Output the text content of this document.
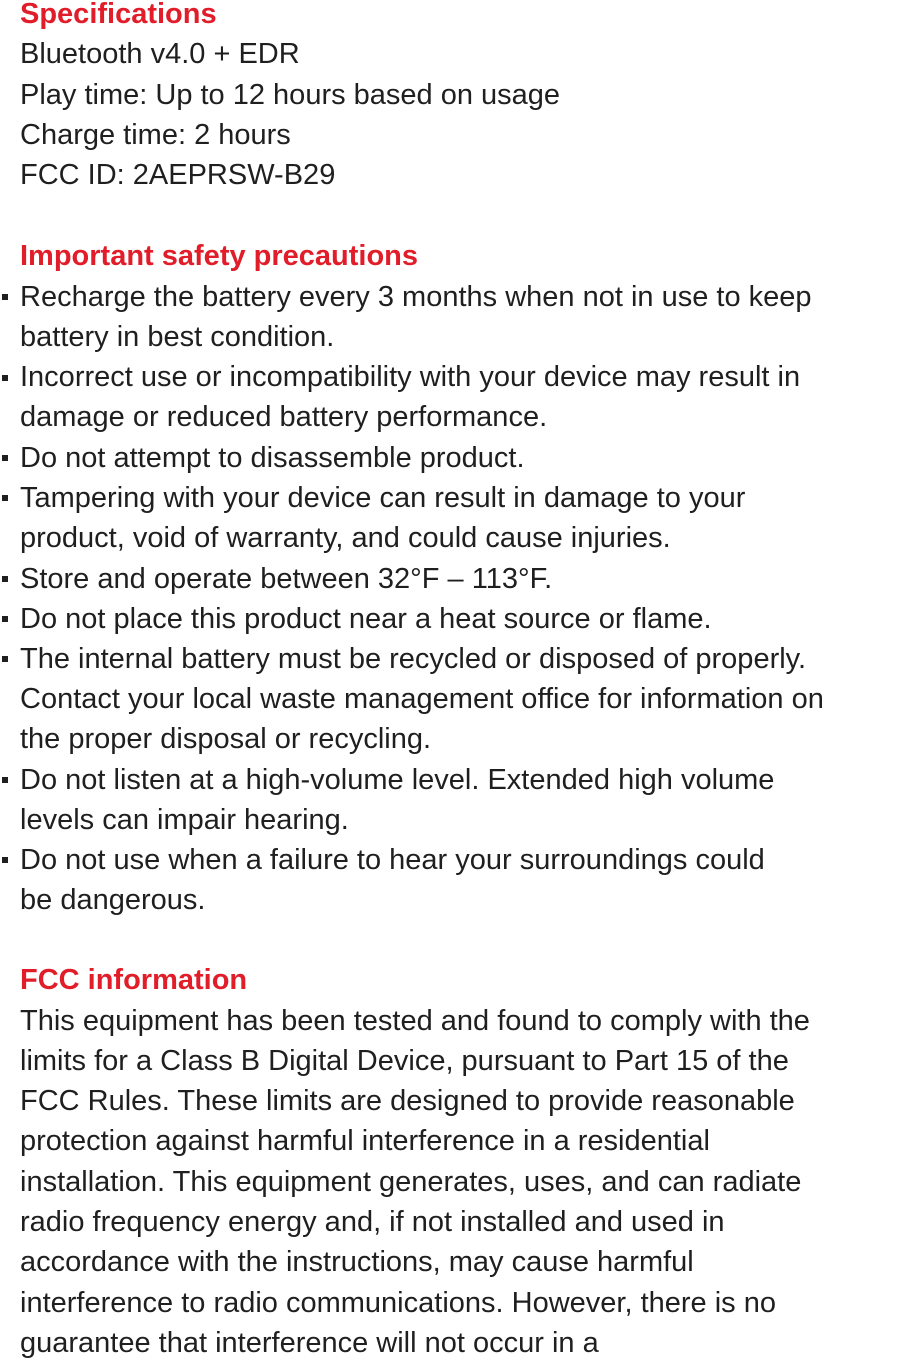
Specifications

Bluetooth v4.0 + EDR

Play time: Up to 12 hours based on usage

Charge time: 2 hours

FCC ID: 2AEPRSW-B29

Important safety precautions

Recharge the battery every 3 months when not in use to keep

battery in best condition.

Incorrect use or incompatibility with your device may result in

damage or reduced battery performance.

Do not attempt to disassemble product.

Tampering with your device can result in damage to your

product, void of warranty, and could cause injuries.

Store and operate between 32°F – 113°F.

Do not place this product near a heat source or flame.

The internal battery must be recycled or disposed of properly.

Contact your local waste management office for information on

the proper disposal or recycling.

Do not listen at a high-volume level. Extended high volume

levels can impair hearing.

Do not use when a failure to hear your surroundings could

be dangerous.

FCC information

This equipment has been tested and found to comply with the

limits for a Class B Digital Device, pursuant to Part 15 of the

FCC Rules. These limits are designed to provide reasonable

protection against harmful interference in a residential

installation. This equipment generates, uses, and can radiate

radio frequency energy and, if not installed and used in

accordance with the instructions, may cause harmful

interference to radio communications. However, there is no

guarantee that interference will not occur in a
